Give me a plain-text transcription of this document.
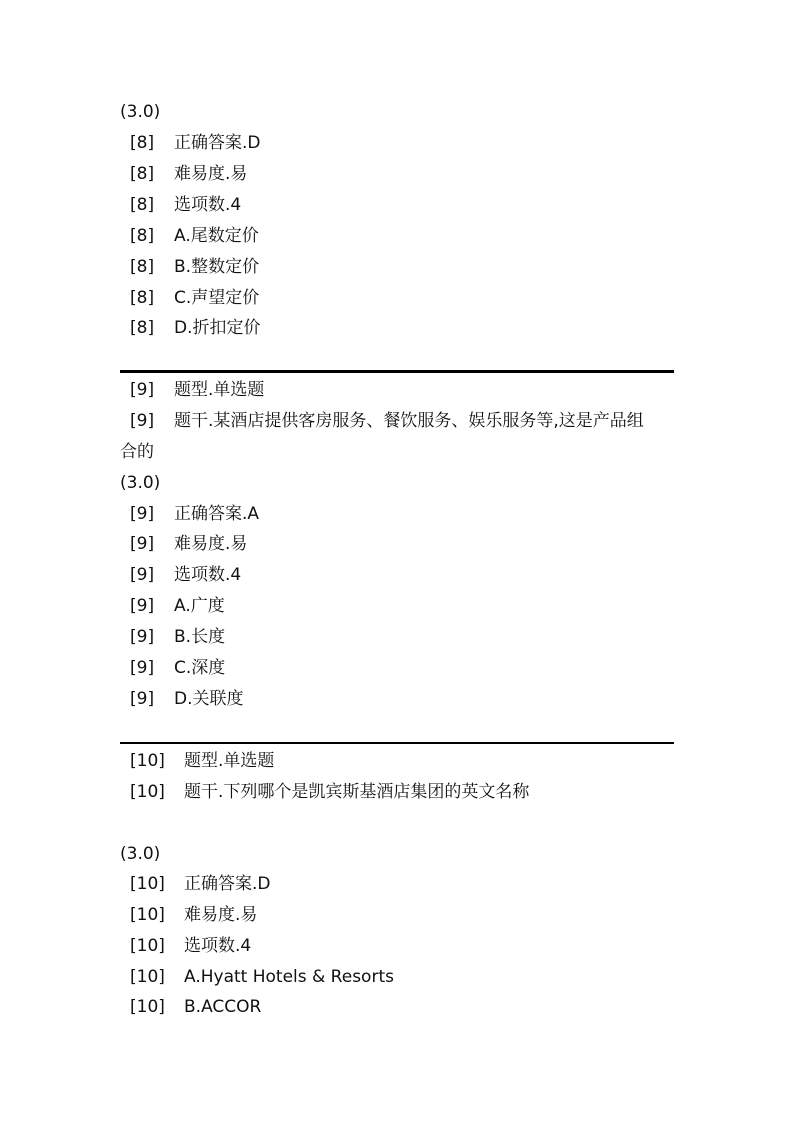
(3.0)
[8] 正确答案.D
[8] 难易度.易
[8] 选项数.4
[8] A.尾数定价
[8] B.整数定价
[8] C.声望定价
[8] D.折扣定价
[9] 题型.单选题
[9] 题干.某酒店提供客房服务、餐饮服务、娱乐服务等,这是产品组
合的
(3.0)
[9] 正确答案.A
[9] 难易度.易
[9] 选项数.4
[9] A.广度
[9] B.长度
[9] C.深度
[9] D.关联度
[10] 题型.单选题
[10] 题干.下列哪个是凯宾斯基酒店集团的英文名称
(3.0)
[10] 正确答案.D
[10] 难易度.易
[10] 选项数.4
[10] A.Hyatt Hotels & Resorts
[10] B.ACCOR
